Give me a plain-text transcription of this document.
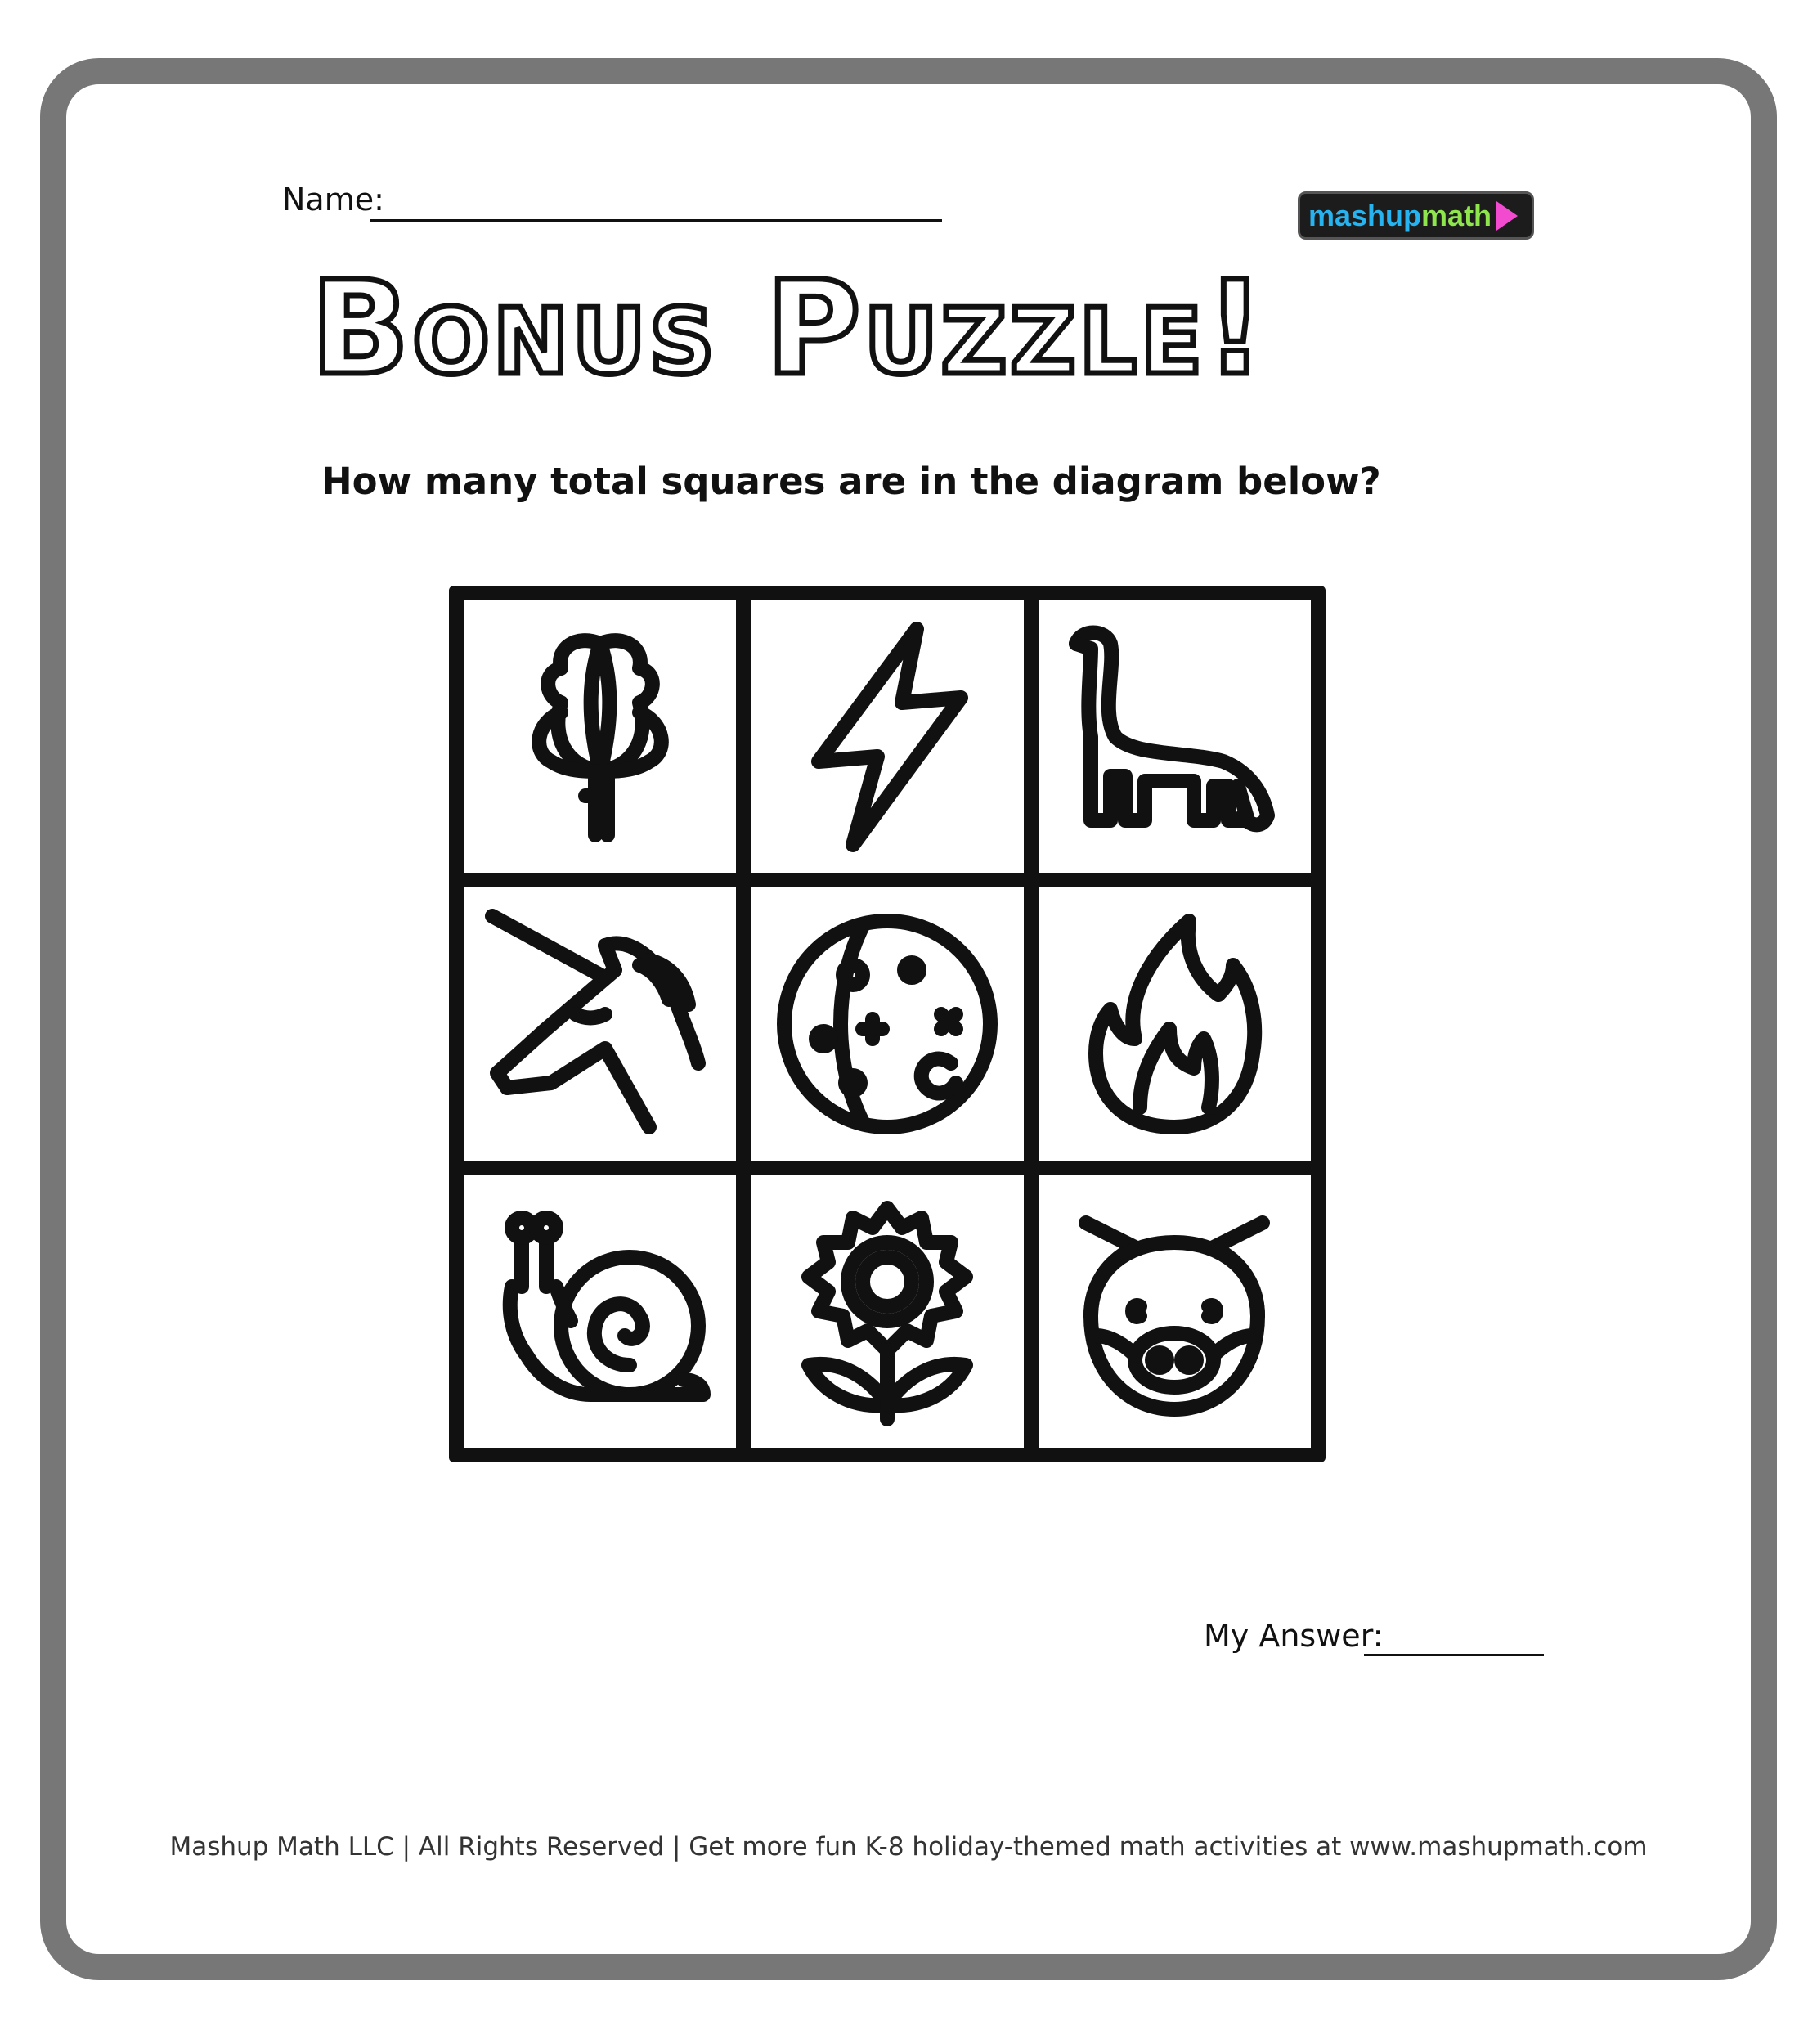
Name:	mashup math
Bonus Puzzle!
How many total squares are in the diagram below?
My Answer:
Mashup Math LLC | All Rights Reserved | Get more fun K-8 holiday-themed math activities at www.mashupmath.com
